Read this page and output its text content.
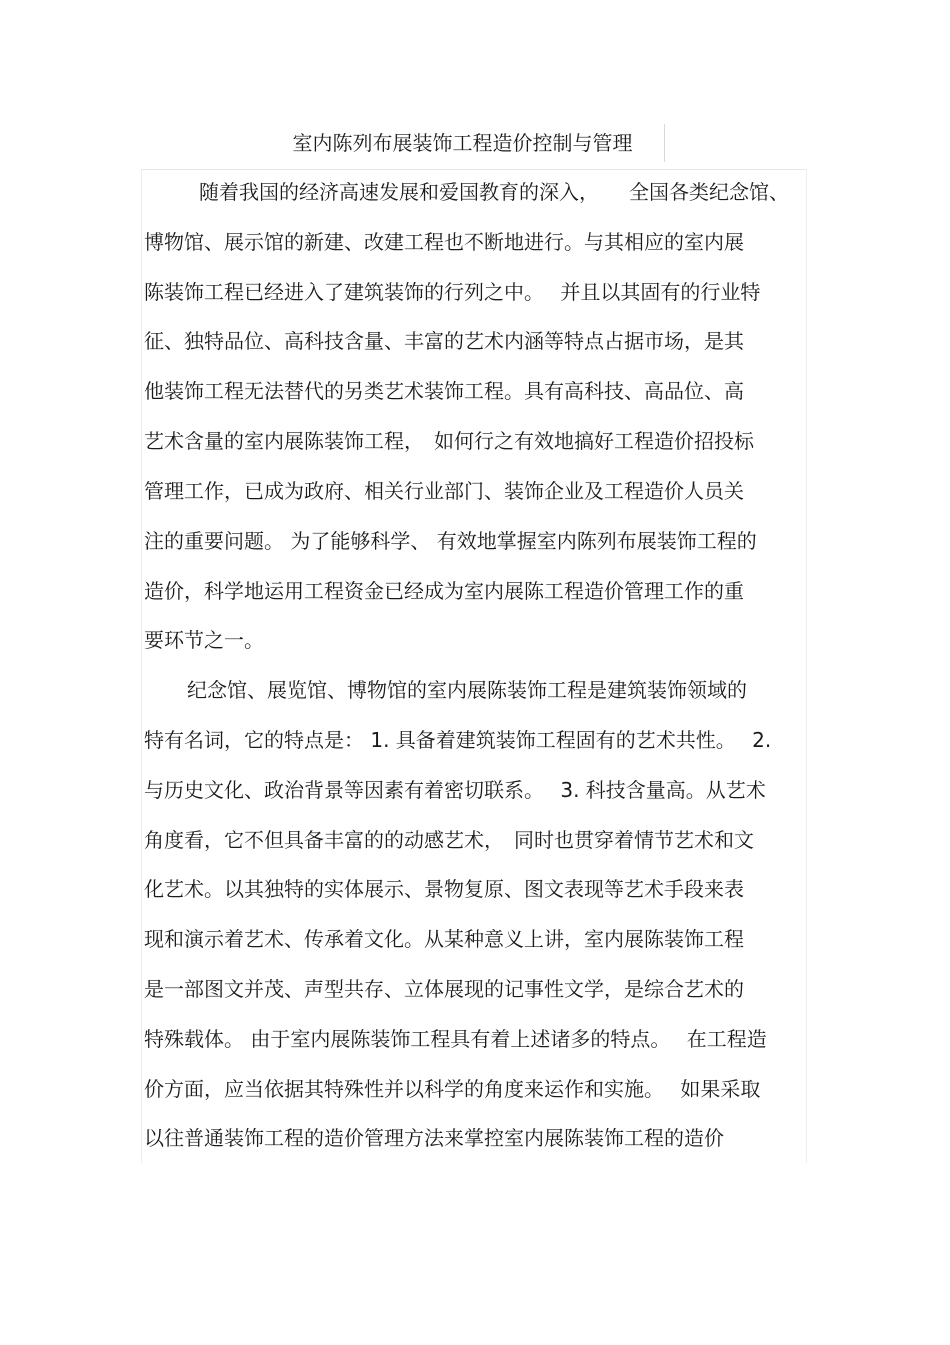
室内陈列布展装饰工程造价控制与管理
随着我国的经济高速发展和爱国教育的深入，　　全国各类纪念馆、
博物馆、展示馆的新建、改建工程也不断地进行。与其相应的室内展
陈装饰工程已经进入了建筑装饰的行列之中。　 并且以其固有的行业特
征、独特品位、高科技含量、丰富的艺术内涵等特点占据市场，是其
他装饰工程无法替代的另类艺术装饰工程。具有高科技、高品位、高
艺术含量的室内展陈装饰工程，　如何行之有效地搞好工程造价招投标
管理工作，已成为政府、相关行业部门、装饰企业及工程造价人员关
注的重要问题。 为了能够科学、 有效地掌握室内陈列布展装饰工程的
造价，科学地运用工程资金已经成为室内展陈工程造价管理工作的重
要环节之一。
纪念馆、展览馆、博物馆的室内展陈装饰工程是建筑装饰领域的
特有名词，它的特点是： 1. 具备着建筑装饰工程固有的艺术共性。　 2.
与历史文化、政治背景等因素有着密切联系。　 3. 科技含量高。从艺术
角度看，它不但具备丰富的的动感艺术，　同时也贯穿着情节艺术和文
化艺术。以其独特的实体展示、景物复原、图文表现等艺术手段来表
现和演示着艺术、传承着文化。从某种意义上讲，室内展陈装饰工程
是一部图文并茂、声型共存、立体展现的记事性文学，是综合艺术的
特殊载体。 由于室内展陈装饰工程具有着上述诸多的特点。　 在工程造
价方面，应当依据其特殊性并以科学的角度来运作和实施。　 如果采取
以往普通装饰工程的造价管理方法来掌控室内展陈装饰工程的造价
